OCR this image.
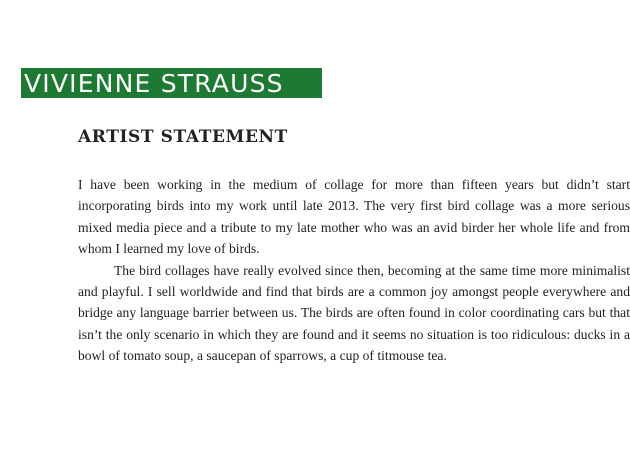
VIVIENNE STRAUSS
ARTIST STATEMENT

I have been working in the medium of collage for more than fifteen years but didn’t start incorporating birds into my work until late 2013. The very first bird collage was a more serious mixed media piece and a tribute to my late mother who was an avid birder her whole life and from whom I learned my love of birds.

The bird collages have really evolved since then, becoming at the same time more minimalist and playful. I sell worldwide and find that birds are a common joy amongst people everywhere and bridge any language barrier between us. The birds are often found in color coordinating cars but that isn’t the only scenario in which they are found and it seems no situation is too ridiculous: ducks in a bowl of tomato soup, a saucepan of sparrows, a cup of titmouse tea.
